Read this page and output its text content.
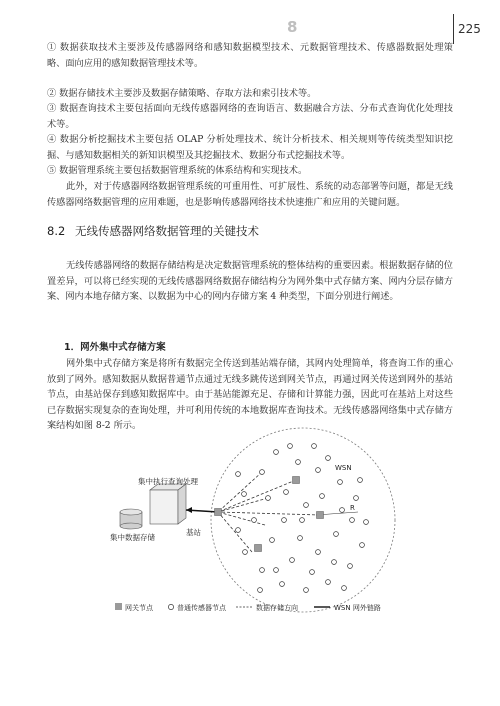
8	225
① 数据获取技术主要涉及传感器网络和感知数据模型技术、元数据管理技术、传感器数据处理策略、面向应用的感知数据管理技术等。
② 数据存储技术主要涉及数据存储策略、存取方法和索引技术等。
③ 数据查询技术主要包括面向无线传感器网络的查询语言、数据融合方法、分布式查询优化处理技术等。
④ 数据分析挖掘技术主要包括 OLAP 分析处理技术、统计分析技术、相关规则等传统类型知识挖掘、与感知数据相关的新知识模型及其挖掘技术、数据分布式挖掘技术等。
⑤ 数据管理系统主要包括数据管理系统的体系结构和实现技术。
此外，对于传感器网络数据管理系统的可重用性、可扩展性、系统的动态部署等问题，都是无线传感器网络数据管理的应用难题，也是影响传感器网络技术快速推广和应用的关键问题。
8.2 无线传感器网络数据管理的关键技术
无线传感器网络的数据存储结构是决定数据管理系统的整体结构的重要因素。根据数据存储的位置差异，可以将已经实现的无线传感器网络数据存储结构分为网外集中式存储方案、网内分层存储方案、网内本地存储方案、以数据为中心的网内存储方案 4 种类型，下面分别进行阐述。
1．网外集中式存储方案
网外集中式存储方案是将所有数据完全传送到基站端存储，其网内处理简单，将查询工作的重心放到了网外。感知数据从数据普通节点通过无线多跳传送到网关节点，再通过网关传送到网外的基站节点，由基站保存到感知数据库中。由于基站能源充足、存储和计算能力强，因此可在基站上对这些已存数据实现复杂的查询处理，并可利用传统的本地数据库查询技术。无线传感器网络集中式存储方案结构如图 8-2 所示。
WSN
R
集中执行查询处理
基站
集中数据存储
网关节点	普通传感器节点	数据存储方向	WSN 网外链路
